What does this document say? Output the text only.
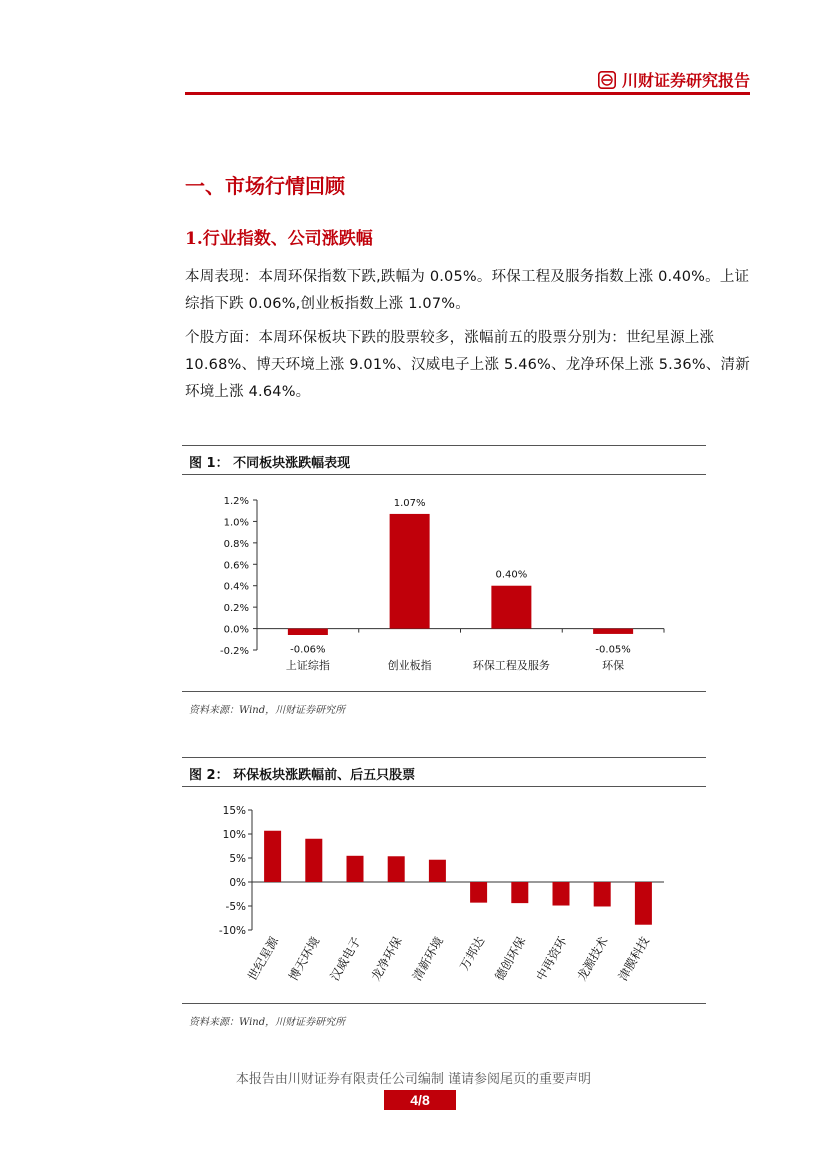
川财证券研究报告
一、市场行情回顾
1.行业指数、公司涨跌幅
本周表现：本周环保指数下跌,跌幅为 0.05%。环保工程及服务指数上涨 0.40%。上证综指下跌 0.06%,创业板指数上涨 1.07%。
个股方面：本周环保板块下跌的股票较多，涨幅前五的股票分别为：世纪星源上涨 10.68%、博天环境上涨 9.01%、汉威电子上涨 5.46%、龙净环保上涨 5.36%、清新环境上涨 4.64%。
图 1： 不同板块涨跌幅表现
1.2%
1.0%
0.8%
0.6%
0.4%
0.2%
0.0%
-0.2%	-0.06%
上证综指
1.07%
创业板指
0.40%
环保工程及服务
-0.05%
环保
资料来源：Wind，川财证券研究所
图 2： 环保板块涨跌幅前、后五只股票
15%
10%
5%
0%
-5%
-10%
世纪星源 博天环境 汉威电子 龙净环保 清新环境 万邦达 德创环保 中再资环 龙源技术 津膜科技
资料来源：Wind，川财证券研究所
本报告由川财证券有限责任公司编制 谨请参阅尾页的重要声明
4/8
